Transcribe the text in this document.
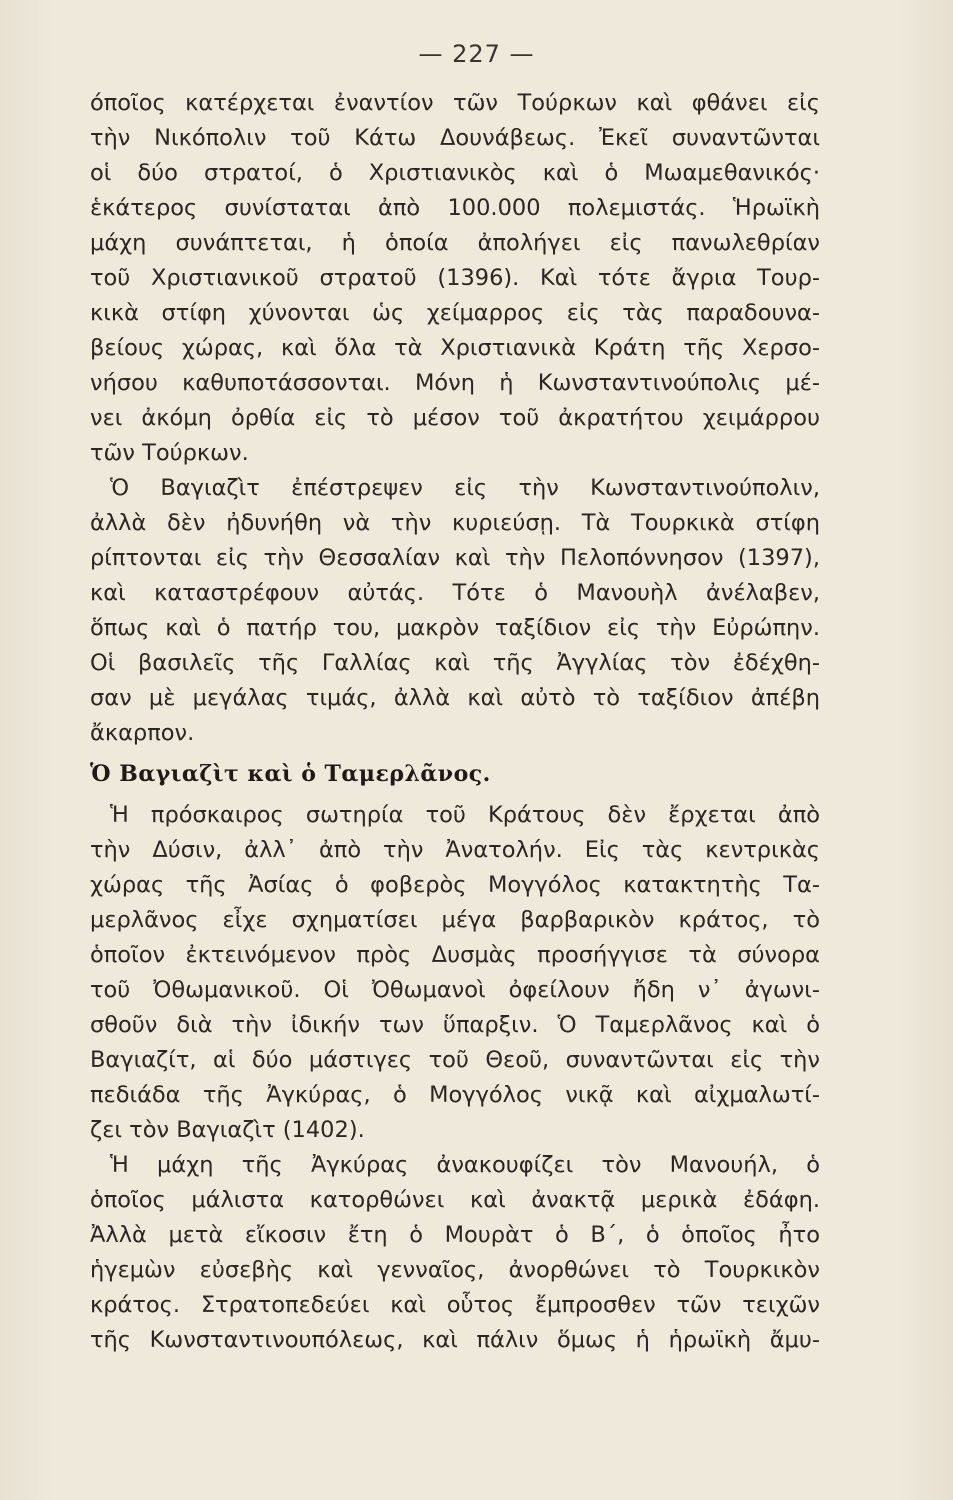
— 227 —
όποῖος κατέρχεται ἐναντίον τῶν Τούρκων καὶ φθάνει εἰς
τὴν Νικόπολιν τοῦ Κάτω Δουνάβεως. Ἐκεῖ συναντῶνται
οἱ δύο στρατοί, ὁ Χριστιανικὸς καὶ ὁ Μωαμεθανικός·
ἑκάτερος συνίσταται ἀπὸ 100.000 πολεμιστάς. Ἡρωϊκὴ
μάχη συνάπτεται, ἡ ὁποία ἀπολήγει εἰς πανωλεθρίαν
τοῦ Χριστιανικοῦ στρατοῦ (1396). Καὶ τότε ἄγρια Τουρ-
κικὰ στίφη χύνονται ὡς χείμαρρος εἰς τὰς παραδουνα-
βείους χώρας, καὶ ὅλα τὰ Χριστιανικὰ Κράτη τῆς Χερσο-
νήσου καθυποτάσσονται. Μόνη ἡ Κωνσταντινούπολις μέ-
νει ἀκόμη ὀρθία εἰς τὸ μέσον τοῦ ἀκρατήτου χειμάρρου
τῶν Τούρκων.
Ὁ Βαγιαζὶτ ἐπέστρεψεν εἰς τὴν Κωνσταντινούπολιν,
ἀλλὰ δὲν ἠδυνήθη νὰ τὴν κυριεύσῃ. Τὰ Τουρκικὰ στίφη
ρίπτονται εἰς τὴν Θεσσαλίαν καὶ τὴν Πελοπόννησον (1397),
καὶ καταστρέφουν αὐτάς. Τότε ὁ Μανουὴλ ἀνέλαβεν,
ὅπως καὶ ὁ πατήρ του, μακρὸν ταξίδιον εἰς τὴν Εὐρώπην.
Οἱ βασιλεῖς τῆς Γαλλίας καὶ τῆς Ἀγγλίας τὸν ἐδέχθη-
σαν μὲ μεγάλας τιμάς, ἀλλὰ καὶ αὐτὸ τὸ ταξίδιον ἀπέβη
ἄκαρπον.
Ὁ Βαγιαζὶτ καὶ ὁ Ταμερλᾶνος.
Ἡ πρόσκαιρος σωτηρία τοῦ Κράτους δὲν ἔρχεται ἀπὸ
τὴν Δύσιν, ἀλλ᾽ ἀπὸ τὴν Ἀνατολήν. Εἰς τὰς κεντρικὰς
χώρας τῆς Ἀσίας ὁ φοβερὸς Μογγόλος κατακτητὴς Τα-
μερλᾶνος εἶχε σχηματίσει μέγα βαρβαρικὸν κράτος, τὸ
ὁποῖον ἐκτεινόμενον πρὸς Δυσμὰς προσήγγισε τὰ σύνορα
τοῦ Ὀθωμανικοῦ. Οἱ Ὀθωμανοὶ ὀφείλουν ἤδη ν᾽ ἀγωνι-
σθοῦν διὰ τὴν ἰδικήν των ὕπαρξιν. Ὁ Ταμερλᾶνος καὶ ὁ
Βαγιαζίτ, αἱ δύο μάστιγες τοῦ Θεοῦ, συναντῶνται εἰς τὴν
πεδιάδα τῆς Ἀγκύρας, ὁ Μογγόλος νικᾷ καὶ αἰχμαλωτί-
ζει τὸν Βαγιαζὶτ (1402).
Ἡ μάχη τῆς Ἀγκύρας ἀνακουφίζει τὸν Μανουήλ, ὁ
ὁποῖος μάλιστα κατορθώνει καὶ ἀνακτᾷ μερικὰ ἐδάφη.
Ἀλλὰ μετὰ εἴκοσιν ἔτη ὁ Μουρὰτ ὁ Β΄, ὁ ὁποῖος ἦτο
ἡγεμὼν εὐσεβὴς καὶ γενναῖος, ἀνορθώνει τὸ Τουρκικὸν
κράτος. Στρατοπεδεύει καὶ οὗτος ἔμπροσθεν τῶν τειχῶν
τῆς Κωνσταντινουπόλεως, καὶ πάλιν ὅμως ἡ ἡρωϊκὴ ἄμυ-
